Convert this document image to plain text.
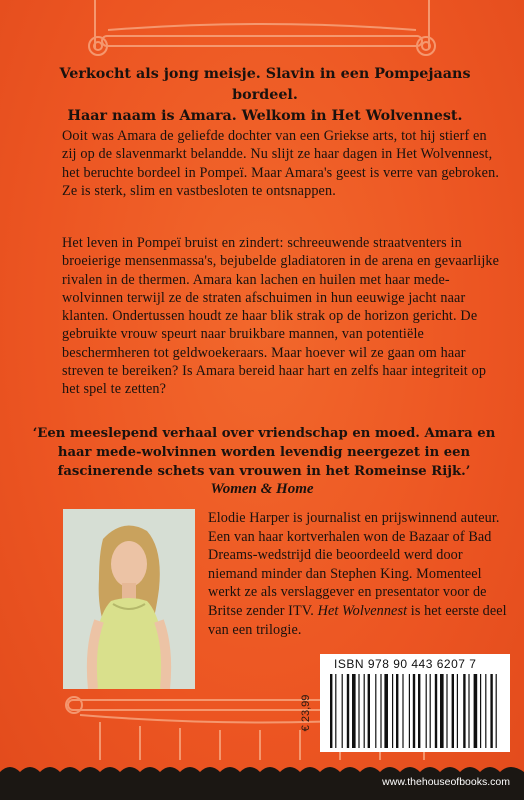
Verkocht als jong meisje. Slavin in een Pompejaans bordeel.
Haar naam is Amara. Welkom in Het Wolvennest.

Ooit was Amara de geliefde dochter van een Griekse arts, tot hij stierf en zij op de slavenmarkt belandde. Nu slijt ze haar dagen in Het Wolvennest, het beruchte bordeel in Pompeï. Maar Amara's geest is verre van gebroken. Ze is sterk, slim en vastbesloten te ontsnappen.

Het leven in Pompeï bruist en zindert: schreeuwende straatventers in broeierige mensenmassa's, bejubelde gladiatoren in de arena en gevaarlijke rivalen in de thermen. Amara kan lachen en huilen met haar mede-wolvinnen terwijl ze de straten afschuimen in hun eeuwige jacht naar klanten. Ondertussen houdt ze haar blik strak op de horizon gericht. De gebruikte vrouw speurt naar bruikbare mannen, van potentiële beschermheren tot geldwoekeraars. Maar hoever wil ze gaan om haar streven te bereiken? Is Amara bereid haar hart en zelfs haar integriteit op het spel te zetten?

‘Een meeslepend verhaal over vriendschap en moed. Amara en haar mede-wolvinnen worden levendig neergezet in een fascinerende schets van vrouwen in het Romeinse Rijk.’

Women & Home

Elodie Harper is journalist en prijswinnend auteur. Een van haar kortverhalen won de Bazaar of Bad Dreams-wedstrijd die beoordeeld werd door niemand minder dan Stephen King. Momenteel werkt ze als verslaggever en presentator voor de Britse zender ITV. Het Wolvennest is het eerste deel van een trilogie.

€ 23,99
ISBN 978 90 443 6207 7
www.thehouseofbooks.com
